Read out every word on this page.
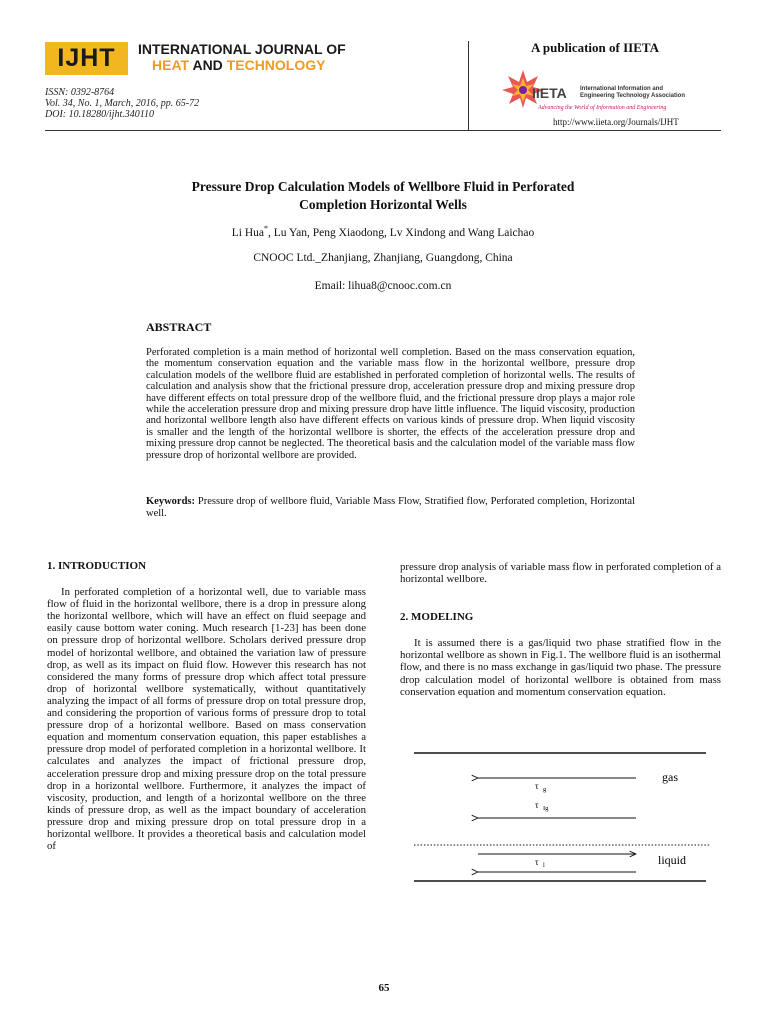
IJHT	INTERNATIONAL JOURNAL OF
HEAT AND TECHNOLOGY
ISSN: 0392-8764
Vol. 34, No. 1, March, 2016, pp. 65-72
DOI: 10.18280/ijht.340110
A publication of IIETA
IIETA International Information and
Engineering Technology Association
Advancing the World of Information and Engineering
http://www.iieta.org/Journals/IJHT
Pressure Drop Calculation Models of Wellbore Fluid in Perforated
Completion Horizontal Wells
Li Hua*, Lu Yan, Peng Xiaodong, Lv Xindong and Wang Laichao
CNOOC Ltd._Zhanjiang, Zhanjiang, Guangdong, China
Email: lihua8@cnooc.com.cn
ABSTRACT
Perforated completion is a main method of horizontal well completion. Based on the mass conservation equation, the momentum conservation equation and the variable mass flow in the horizontal wellbore, pressure drop calculation models of the wellbore fluid are established in perforated completion of horizontal wells. The results of calculation and analysis show that the frictional pressure drop, acceleration pressure drop and mixing pressure drop have different effects on total pressure drop of the wellbore fluid, and the frictional pressure drop plays a major role while the acceleration pressure drop and mixing pressure drop have little influence. The liquid viscosity, production and horizontal wellbore length also have different effects on various kinds of pressure drop. When liquid viscosity is smaller and the length of the horizontal wellbore is shorter, the effects of the acceleration pressure drop and mixing pressure drop cannot be neglected. The theoretical basis and the calculation model of the variable mass flow pressure drop of horizontal wellbore are provided.
Keywords: Pressure drop of wellbore fluid, Variable Mass Flow, Stratified flow, Perforated completion, Horizontal well.
1. INTRODUCTION
In perforated completion of a horizontal well, due to variable mass flow of fluid in the horizontal wellbore, there is a drop in pressure along the horizontal wellbore, which will have an effect on fluid seepage and easily cause bottom water coning. Much research [1-23] has been done on pressure drop of horizontal wellbore. Scholars derived pressure drop model of horizontal wellbore, and obtained the variation law of pressure drop, as well as its impact on fluid flow. However this research has not considered the many forms of pressure drop which affect total pressure drop of horizontal wellbore systematically, without quantitatively analyzing the impact of all forms of pressure drop on total pressure drop, and considering the proportion of various forms of pressure drop to total pressure drop of a horizontal wellbore. Based on mass conservation equation and momentum conservation equation, this paper establishes a pressure drop model of perforated completion in a horizontal wellbore. It calculates and analyzes the impact of frictional pressure drop, acceleration pressure drop and mixing pressure drop on the total pressure drop in a horizontal wellbore. Furthermore, it analyzes the impact of viscosity, production, and length of a horizontal wellbore on the three kinds of pressure drop, as well as the impact boundary of acceleration pressure drop and mixing pressure drop on total pressure drop in a horizontal wellbore. It provides a theoretical basis and calculation model of
pressure drop analysis of variable mass flow in perforated completion of a horizontal wellbore.
2. MODELING
It is assumed there is a gas/liquid two phase stratified flow in the horizontal wellbore as shown in Fig.1. The wellbore fluid is an isothermal flow, and there is no mass exchange in gas/liquid two phase. The pressure drop calculation model of horizontal wellbore is obtained from mass conservation equation and momentum conservation equation.
τ g
τ Ig
τ l
gas
liquid
65
